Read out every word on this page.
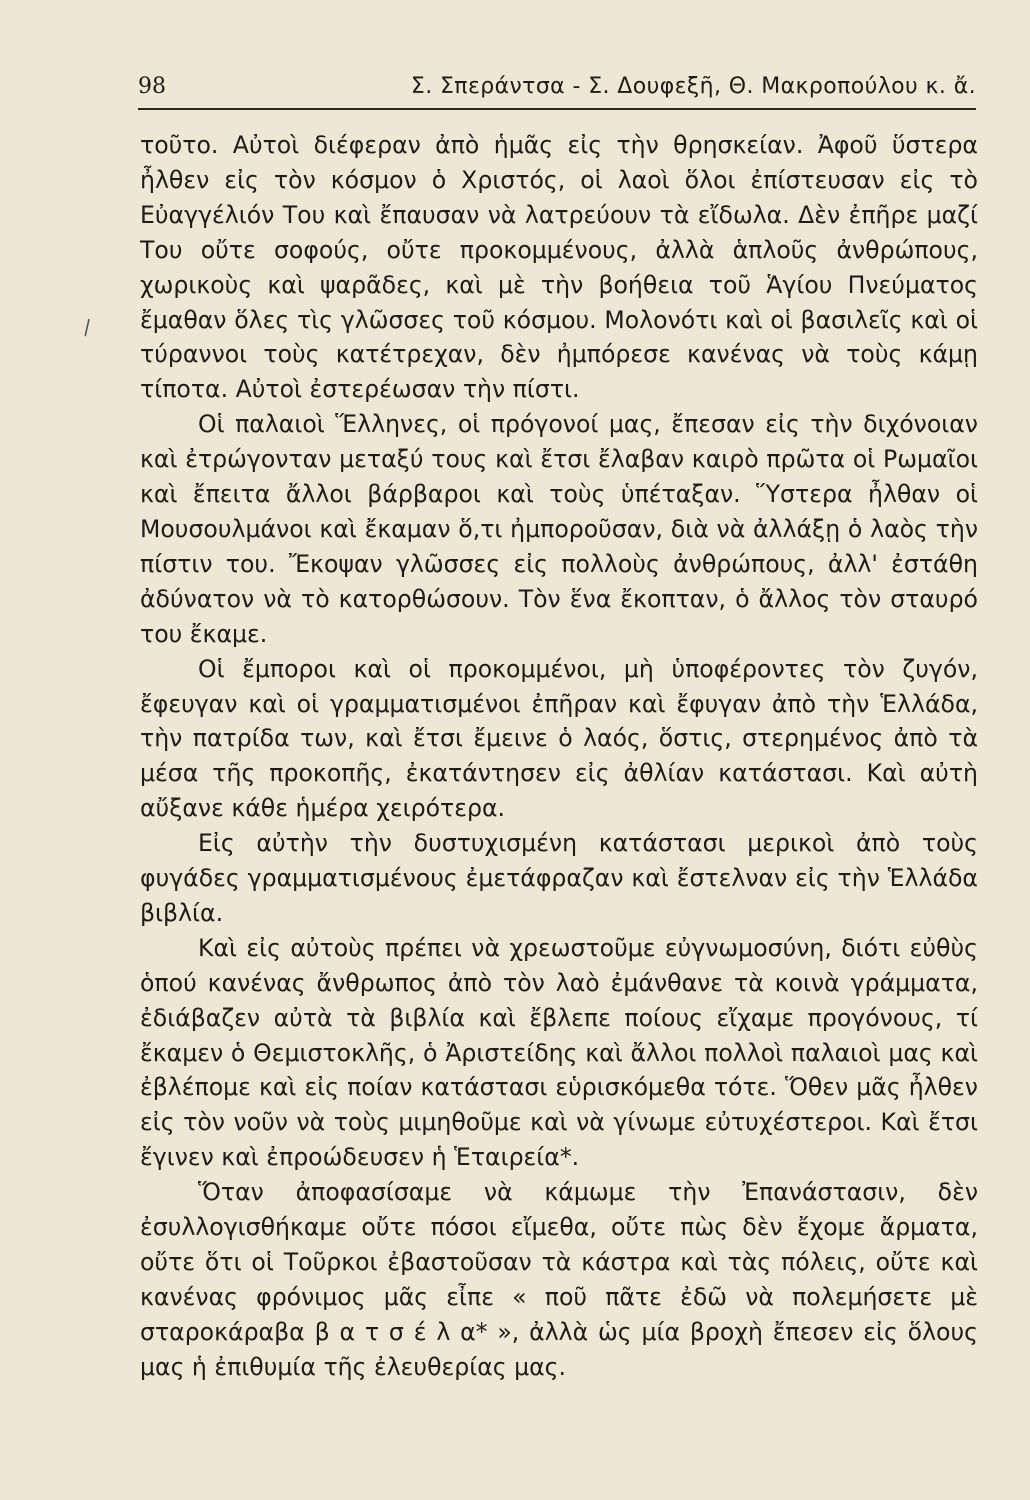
98	Σ. Σπεράντσα - Σ. Δουφεξῆ, Θ. Μακροπούλου κ. ἄ.
\

τοῦτο. Αὐτοὶ διέφεραν ἀπὸ ἡμᾶς εἰς τὴν θρησκείαν. Ἀφοῦ ὕστερα ἦλθεν εἰς τὸν κόσμον ὁ Χριστός, οἱ λαοὶ ὅλοι ἐπίστευσαν εἰς τὸ Εὐαγγέλιόν Του καὶ ἔπαυσαν νὰ λατρεύουν τὰ εἴδωλα. Δὲν ἐπῆρε μαζί Του οὔτε σοφούς, οὔτε προκομμένους, ἀλλὰ ἁπλοῦς ἀνθρώπους, χωρικοὺς καὶ ψαρᾶδες, καὶ μὲ τὴν βοήθεια τοῦ Ἁγίου Πνεύματος ἔμαθαν ὅλες τὶς γλῶσσες τοῦ κόσμου. Μολονότι καὶ οἱ βασιλεῖς καὶ οἱ τύραννοι τοὺς κατέτρεχαν, δὲν ἠμπόρεσε κανένας νὰ τοὺς κάμῃ τίποτα. Αὐτοὶ ἐστερέωσαν τὴν πίστι.

Οἱ παλαιοὶ Ἕλληνες, οἱ πρόγονοί μας, ἔπεσαν εἰς τὴν διχόνοιαν καὶ ἐτρώγονταν μεταξύ τους καὶ ἔτσι ἔλαβαν καιρὸ πρῶτα οἱ Ρωμαῖοι καὶ ἔπειτα ἄλλοι βάρβαροι καὶ τοὺς ὑπέταξαν. Ὕστερα ἦλθαν οἱ Μουσουλμάνοι καὶ ἔκαμαν ὅ,τι ἠμποροῦσαν, διὰ νὰ ἀλλάξῃ ὁ λαὸς τὴν πίστιν του. Ἔκοψαν γλῶσσες εἰς πολλοὺς ἀνθρώπους, ἀλλ' ἐστάθη ἀδύνατον νὰ τὸ κατορθώσουν. Τὸν ἕνα ἔκοπταν, ὁ ἄλλος τὸν σταυρό του ἔκαμε.

Οἱ ἔμποροι καὶ οἱ προκομμένοι, μὴ ὑποφέροντες τὸν ζυγόν, ἔφευγαν καὶ οἱ γραμματισμένοι ἐπῆραν καὶ ἔφυγαν ἀπὸ τὴν Ἑλλάδα, τὴν πατρίδα των, καὶ ἔτσι ἔμεινε ὁ λαός, ὅστις, στερημένος ἀπὸ τὰ μέσα τῆς προκοπῆς, ἐκατάντησεν εἰς ἀθλίαν κατάστασι. Καὶ αὐτὴ αὔξανε κάθε ἡμέρα χειρότερα.

Εἰς αὐτὴν τὴν δυστυχισμένη κατάστασι μερικοὶ ἀπὸ τοὺς φυγάδες γραμματισμένους ἐμετάφραζαν καὶ ἔστελναν εἰς τὴν Ἑλλάδα βιβλία.

Καὶ εἰς αὐτοὺς πρέπει νὰ χρεωστοῦμε εὐγνωμοσύνη, διότι εὐθὺς ὁπού κανένας ἄνθρωπος ἀπὸ τὸν λαὸ ἐμάνθανε τὰ κοινὰ γράμματα, ἐδιάβαζεν αὐτὰ τὰ βιβλία καὶ ἔβλεπε ποίους εἴχαμε προγόνους, τί ἔκαμεν ὁ Θεμιστοκλῆς, ὁ Ἀριστείδης καὶ ἄλλοι πολλοὶ παλαιοὶ μας καὶ ἐβλέπομε καὶ εἰς ποίαν κατάστασι εὑρισκόμεθα τότε. Ὅθεν μᾶς ἦλθεν εἰς τὸν νοῦν νὰ τοὺς μιμηθοῦμε καὶ νὰ γίνωμε εὐτυχέστεροι. Καὶ ἔτσι ἔγινεν καὶ ἐπροώδευσεν ἡ Ἑταιρεία*.

Ὅταν ἀποφασίσαμε νὰ κάμωμε τὴν Ἐπανάστασιν, δὲν ἐσυλλογισθήκαμε οὔτε πόσοι εἴμεθα, οὔτε πὼς δὲν ἔχομε ἄρματα, οὔτε ὅτι οἱ Τοῦρκοι ἐβαστοῦσαν τὰ κάστρα καὶ τὰς πόλεις, οὔτε καὶ κανένας φρόνιμος μᾶς εἶπε « ποῦ πᾶτε ἐδῶ νὰ πολεμήσετε μὲ σταροκάραβα β α τ σ έ λ α* », ἀλλὰ ὡς μία βροχὴ ἔπεσεν εἰς ὅλους μας ἡ ἐπιθυμία τῆς ἐλευθερίας μας.
